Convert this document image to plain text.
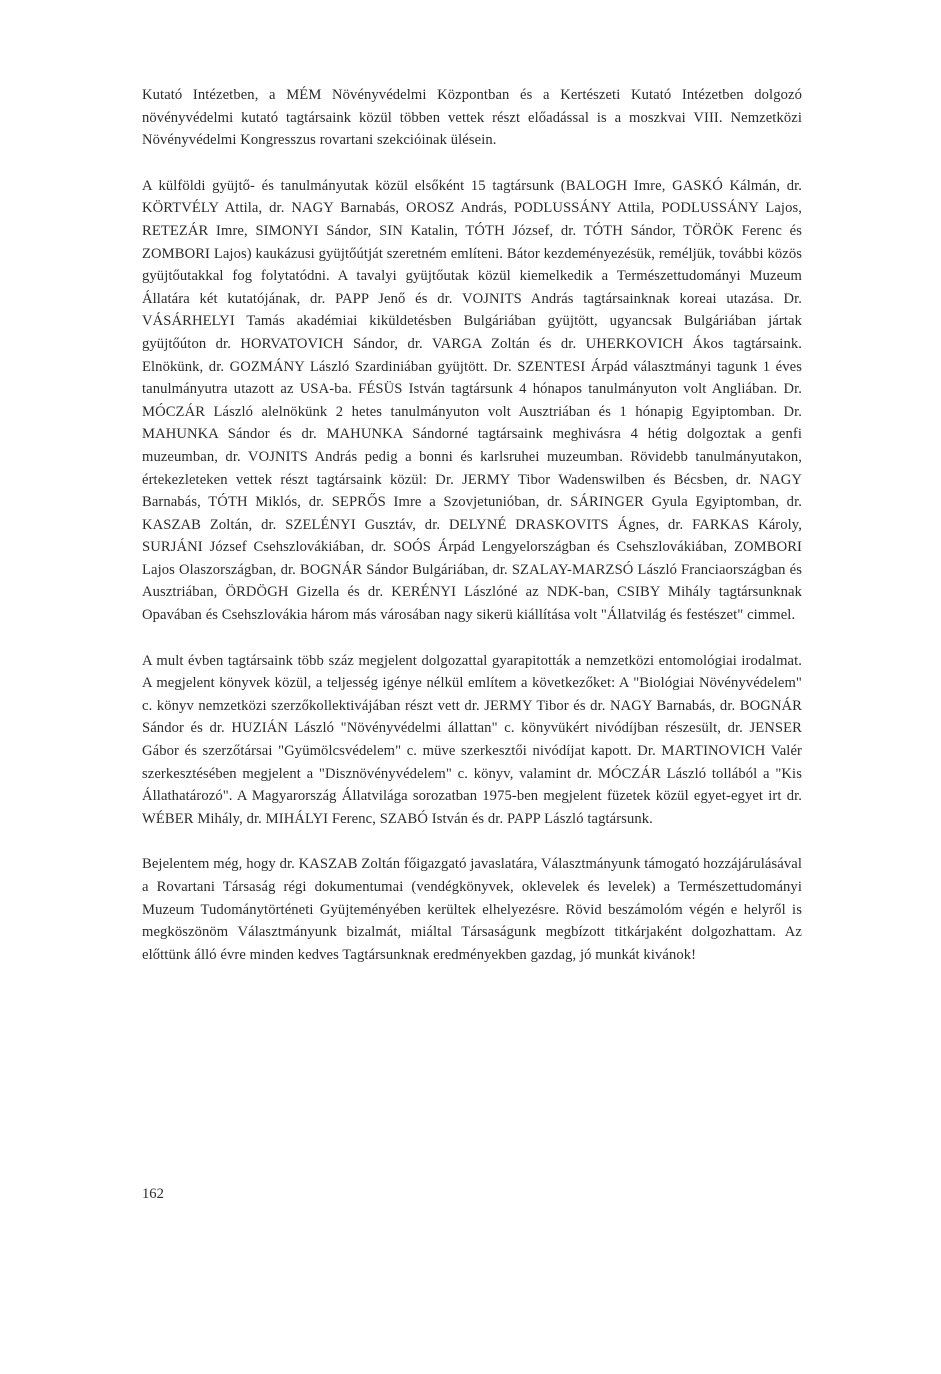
Kutató Intézetben, a MÉM Növényvédelmi Központban és a Kertészeti Kutató Intézetben dolgozó növényvédelmi kutató tagtársaink közül többen vettek részt előadással is a moszkvai VIII. Nemzetközi Növényvédelmi Kongresszus rovartani szekcióinak ülésein.

A külföldi gyüjtő- és tanulmányutak közül elsőként 15 tagtársunk (BALOGH Imre, GASKÓ Kálmán, dr. KÖRTVÉLY Attila, dr. NAGY Barnabás, OROSZ András, PODLUSSÁNY Attila, PODLUSSÁNY Lajos, RETEZÁR Imre, SIMONYI Sándor, SIN Katalin, TÓTH József, dr. TÓTH Sándor, TÖRÖK Ferenc és ZOMBORI Lajos) kaukázusi gyüjtőútját szeretném említeni. Bátor kezdeményezésük, reméljük, további közös gyüjtőutakkal fog folytatódni. A tavalyi gyüjtőutak közül kiemelkedik a Természettudományi Muzeum Állatára két kutatójának, dr. PAPP Jenő és dr. VOJNITS András tagtársainknak koreai utazása. Dr. VÁSÁRHELYI Tamás akadémiai kiküldetésben Bulgáriában gyüjtött, ugyancsak Bulgáriában jártak gyüjtőúton dr. HORVATOVICH Sándor, dr. VARGA Zoltán és dr. UHERKOVICH Ákos tagtársaink. Elnökünk, dr. GOZMÁNY László Szardiniában gyüjtött. Dr. SZENTESI Árpád választmányi tagunk 1 éves tanulmányutra utazott az USA-ba. FÉSÜS István tagtársunk 4 hónapos tanulmányuton volt Angliában. Dr. MÓCZÁR László alelnökünk 2 hetes tanulmányuton volt Ausztriában és 1 hónapig Egyiptomban. Dr. MAHUNKA Sándor és dr. MAHUNKA Sándorné tagtársaink meghivásra 4 hétig dolgoztak a genfi muzeumban, dr. VOJNITS András pedig a bonni és karlsruhei muzeumban. Rövidebb tanulmányutakon, értekezleteken vettek részt tagtársaink közül: Dr. JERMY Tibor Wadenswilben és Bécsben, dr. NAGY Barnabás, TÓTH Miklós, dr. SEPRŐS Imre a Szovjetunióban, dr. SÁRINGER Gyula Egyiptomban, dr. KASZAB Zoltán, dr. SZELÉNYI Gusztáv, dr. DELYNÉ DRASKOVITS Ágnes, dr. FARKAS Károly, SURJÁNI József Csehszlovákiában, dr. SOÓS Árpád Lengyelországban és Csehszlovákiában, ZOMBORI Lajos Olaszországban, dr. BOGNÁR Sándor Bulgáriában, dr. SZALAY-MARZSÓ László Franciaországban és Ausztriában, ÖRDÖGH Gizella és dr. KERÉNYI Lászlóné az NDK-ban, CSIBY Mihály tagtársunknak Opavában és Csehszlovákia három más városában nagy sikerü kiállítása volt "Állatvilág és festészet" cimmel.

A mult évben tagtársaink több száz megjelent dolgozattal gyarapitották a nemzetközi entomológiai irodalmat. A megjelent könyvek közül, a teljesség igénye nélkül említem a következőket: A "Biológiai Növényvédelem" c. könyv nemzetközi szerzőkollektivájában részt vett dr. JERMY Tibor és dr. NAGY Barnabás, dr. BOGNÁR Sándor és dr. HUZIÁN László "Növényvédelmi állattan" c. könyvükért nivódíjban részesült, dr. JENSER Gábor és szerzőtársai "Gyümölcsvédelem" c. müve szerkesztői nivódíjat kapott. Dr. MARTINOVICH Valér szerkesztésében megjelent a "Disznövényvédelem" c. könyv, valamint dr. MÓCZÁR László tollából a "Kis Állathatározó". A Magyarország Állatvilága sorozatban 1975-ben megjelent füzetek közül egyet-egyet irt dr. WÉBER Mihály, dr. MIHÁLYI Ferenc, SZABÓ István és dr. PAPP László tagtársunk.

Bejelentem még, hogy dr. KASZAB Zoltán főigazgató javaslatára, Választmányunk támogató hozzájárulásával a Rovartani Társaság régi dokumentumai (vendégkönyvek, oklevelek és levelek) a Természettudományi Muzeum Tudománytörténeti Gyüjteményében kerültek elhelyezésre. Rövid beszámolóm végén e helyről is megköszönöm Választmányunk bizalmát, miáltal Társaságunk megbízott titkárjaként dolgozhattam. Az előttünk álló évre minden kedves Tagtársunknak eredményekben gazdag, jó munkát kivánok!

162
